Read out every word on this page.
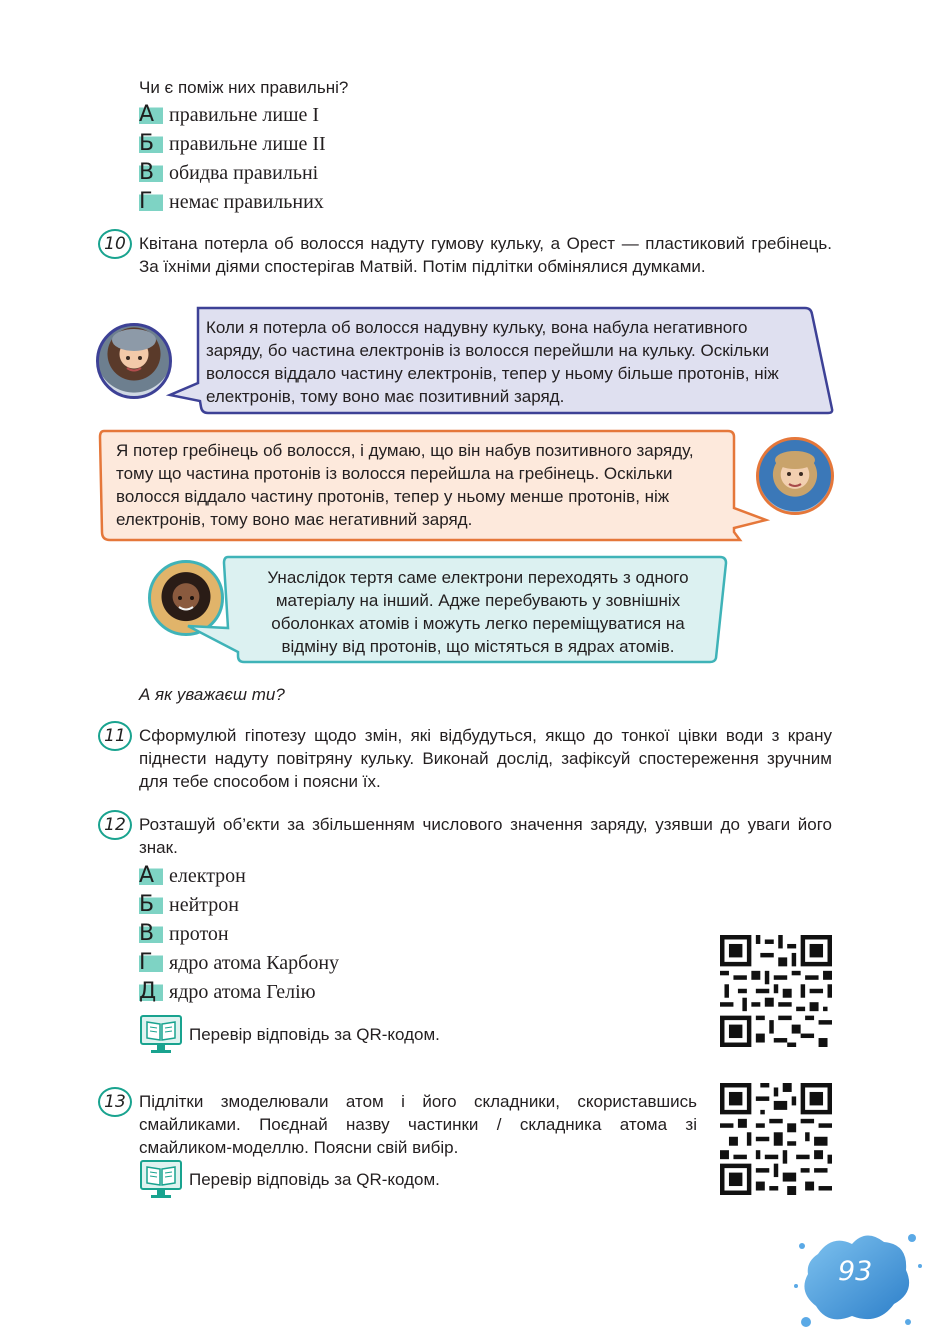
Чи є поміж них правильні?
А правильне лише I
Б правильне лише II
В обидва правильні
Г немає правильних
10 Квітана потерла об волосся надуту гумову кульку, а Орест — пластиковий гребінець. За їхніми діями спостерігав Матвій. Потім підлітки обмінялися думками.
Коли я потерла об волосся надувну кульку, вона набула негативного заряду, бо частина електронів із волосся перейшли на кульку. Оскільки волосся віддало частину електронів, тепер у ньому більше протонів, ніж електронів, тому воно має позитивний заряд.
Я потер гребінець об волосся, і думаю, що він набув позитивного заряду, тому що частина протонів із волосся перейшла на гребінець. Оскільки волосся віддало частину протонів, тепер у ньому менше протонів, ніж електронів, тому воно має негативний заряд.
Унаслідок тертя саме електрони переходять з одного матеріалу на інший. Адже перебувають у зовнішніх оболонках атомів і можуть легко переміщуватися на відміну від протонів, що містяться в ядрах атомів.
А як уважаєш ти?
11 Сформулюй гіпотезу щодо змін, які відбудуться, якщо до тонкої цівки води з крану піднести надуту повітряну кульку. Виконай дослід, зафіксуй спостереження зручним для тебе способом і поясни їх.
12 Розташуй об’єкти за збільшенням числового значення заряду, узявши до уваги його знак.
А електрон
Б нейтрон
В протон
Г ядро атома Карбону
Д ядро атома Гелію
Перевір відповідь за QR-кодом.
13 Підлітки змоделювали атом і його складники, скориставшись смайликами. Поєднай назву частинки / складника атома зі смайликом-моделлю. Поясни свій вибір.
Перевір відповідь за QR-кодом.
93
